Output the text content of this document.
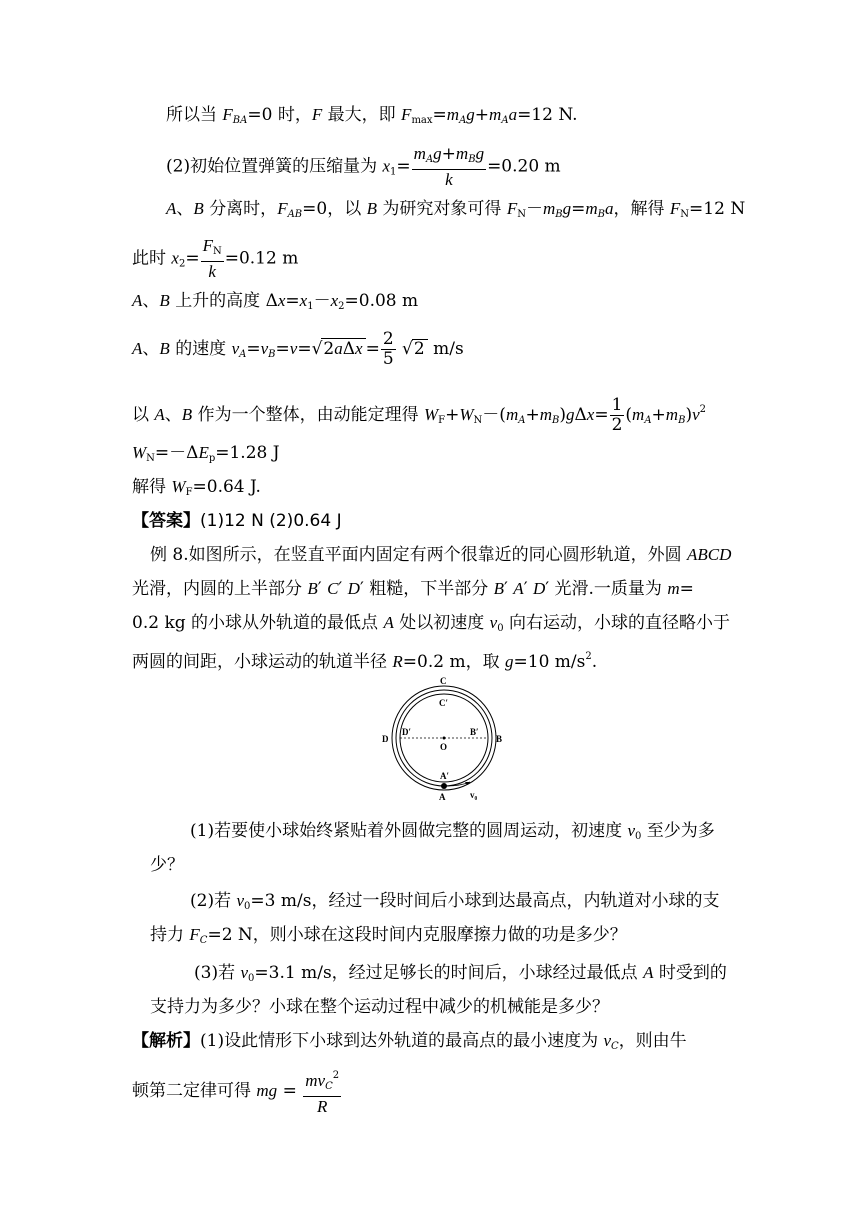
所以当 $F_{BA}=0$ 时，F 最大，即 $F_{max}=m_Ag+m_Aa=12$ N.
(2)初始位置弹簧的压缩量为 $x_1= \frac{m_Ag+m_Bg}{k} =0.20$ m
A、B 分离时，$F_{AB}=0$，以 B 为研究对象可得 $F_N-m_Bg=m_Ba$，解得 $F_N=12$ N
此时 $x_2= \frac{F_N}{k} =0.12$ m
A、B 上升的高度 $\Delta x=x_1-x_2=0.08$ m
A、B 的速度 $v_A=v_B=v=√2a\Delta x = \frac{2}{5} √2$ m/s
以 A、B 作为一个整体，由动能定理得 $W_F+W_N-(m_A+m_B)g\Delta x= \frac{1}{2} (m_A+m_B)v^2$
$W_N=-\Delta E_p=1.28$ J
解得 $W_F=0.64$ J.
【答案】(1)12 N (2)0.64 J
例 8.如图所示，在竖直平面内固定有两个很靠近的同心圆形轨道，外圆 ABCD
光滑，内圆的上半部分 B′ C′ D′ 粗糙，下半部分 B′ A′ D′ 光滑.一质量为 m=
0.2 kg 的小球从外轨道的最低点 A 处以初速度 $v_0$ 向右运动，小球的直径略小于
两圆的间距，小球运动的轨道半径 R=0.2 m，取 g=10 $m/s^2$.
C
C′
D
D′
O
B′
B
A′
A	v₀
(1)若要使小球始终紧贴着外圆做完整的圆周运动，初速度 $v_0$ 至少为多
少？
(2)若 $v_0=3$ m/s，经过一段时间后小球到达最高点，内轨道对小球的支
持力 $F_C=2$ N，则小球在这段时间内克服摩擦力做的功是多少？
(3)若 $v_0=3.1$ m/s，经过足够长的时间后，小球经过最低点 A 时受到的
支持力为多少？小球在整个运动过程中减少的机械能是多少？
【解析】(1)设此情形下小球到达外轨道的最高点的最小速度为 $v_C$，则由牛
顿第二定律可得 mg = $\frac{mv_C^2}{R}$
